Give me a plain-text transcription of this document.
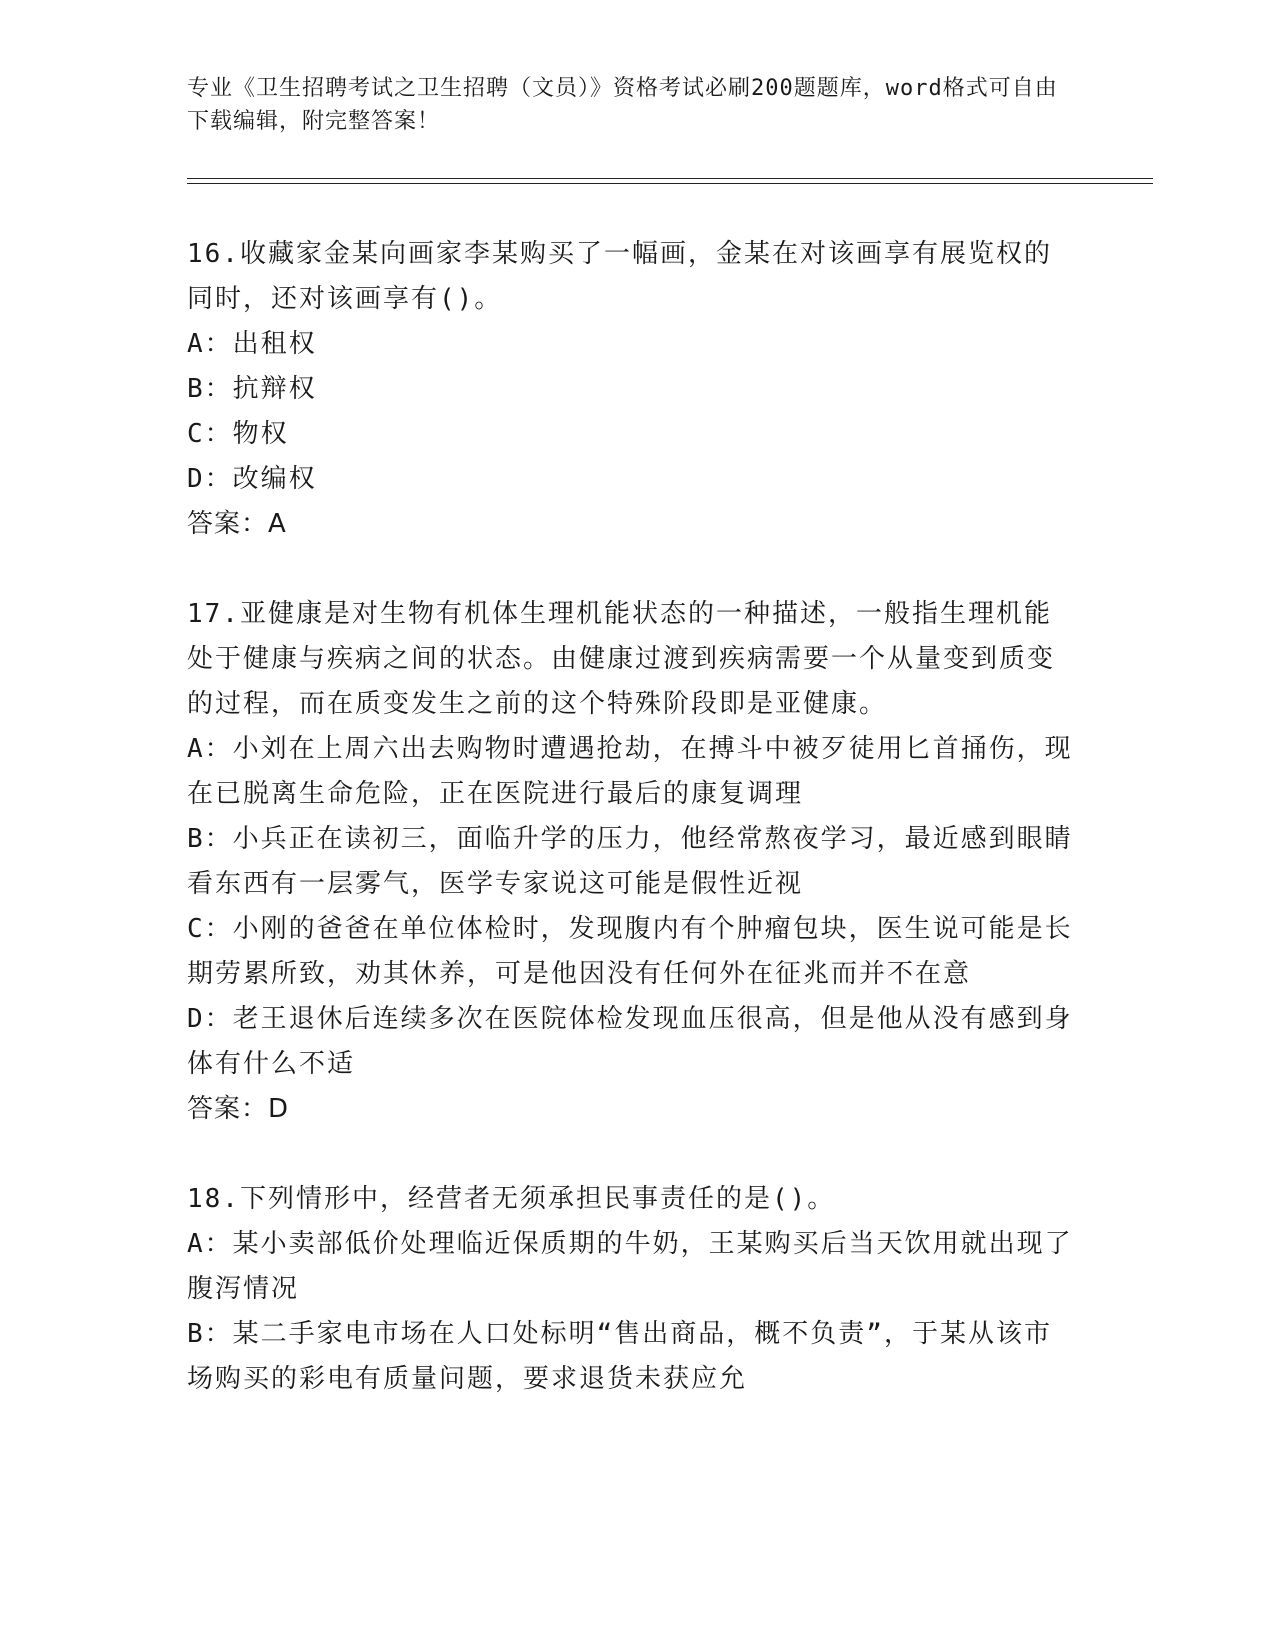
专业《卫生招聘考试之卫生招聘（文员）》资格考试必刷200题题库，word格式可自由下载编辑，附完整答案！
16.收藏家金某向画家李某购买了一幅画，金某在对该画享有展览权的同时，还对该画享有()。
A：出租权
B：抗辩权
C：物权
D：改编权
答案：A
17.亚健康是对生物有机体生理机能状态的一种描述，一般指生理机能处于健康与疾病之间的状态。由健康过渡到疾病需要一个从量变到质变的过程，而在质变发生之前的这个特殊阶段即是亚健康。
A：小刘在上周六出去购物时遭遇抢劫，在搏斗中被歹徒用匕首捅伤，现在已脱离生命危险，正在医院进行最后的康复调理
B：小兵正在读初三，面临升学的压力，他经常熬夜学习，最近感到眼睛看东西有一层雾气，医学专家说这可能是假性近视
C：小刚的爸爸在单位体检时，发现腹内有个肿瘤包块，医生说可能是长期劳累所致，劝其休养，可是他因没有任何外在征兆而并不在意
D：老王退休后连续多次在医院体检发现血压很高，但是他从没有感到身体有什么不适
答案：D
18.下列情形中，经营者无须承担民事责任的是()。
A：某小卖部低价处理临近保质期的牛奶，王某购买后当天饮用就出现了腹泻情况
B：某二手家电市场在人口处标明“售出商品，概不负责”，于某从该市场购买的彩电有质量问题，要求退货未获应允
